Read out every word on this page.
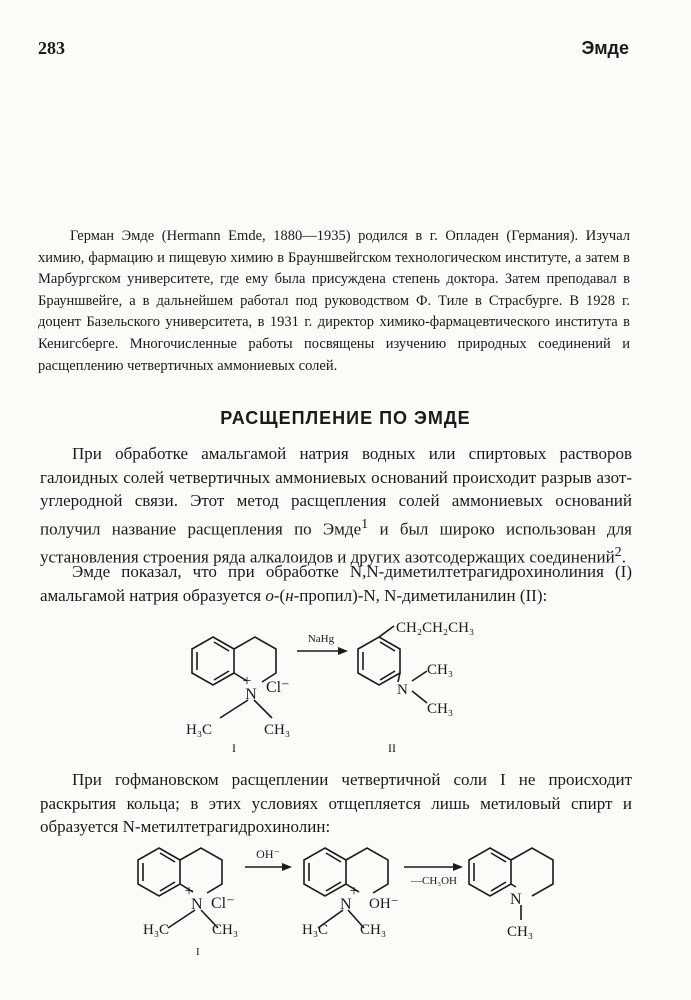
283	Эмде

Герман Эмде (Hermann Emde, 1880—1935) родился в г. Опладен (Германия). Изучал химию, фармацию и пищевую химию в Брауншвейгском технологическом институте, а затем в Марбургском университете, где ему была присуждена степень доктора. Затем преподавал в Брауншвейге, а в дальнейшем работал под руководством Ф. Тиле в Страсбурге. В 1928 г. доцент Базельского университета, в 1931 г. директор химико-фармацевтического института в Кенигсберге. Многочисленные работы посвящены изучению природных соединений и расщеплению четвертичных аммониевых солей.

РАСЩЕПЛЕНИЕ ПО ЭМДЕ

При обработке амальгамой натрия водных или спиртовых растворов галоидных солей четвертичных аммониевых оснований происходит разрыв азот-углеродной связи. Этот метод расщепления солей аммониевых оснований получил название расщепления по Эмде$^1$ и был широко использован для установления строения ряда алкалоидов и других азотсодержащих соединений$^2$.

Эмде показал, что при обработке N,N-диметилтетрагидрохинолиния (I) амальгамой натрия образуется о-(н-пропил)-N, N-диметиланилин (II):

+
N Cl⁻
H₃C	CH₃
I
NaHg
CH₂CH₂CH₃
N
CH₃
CH₃
II

При гофмановском расщеплении четвертичной соли I не происходит раскрытия кольца; в этих условиях отщепляется лишь метиловый спирт и образуется N-метилтетрагидрохинолин:

+
N Cl⁻
H₃C	CH₃
I
OH⁻
+
N OH⁻
H₃C CH₃
—CH₃OH
N
CH₃
